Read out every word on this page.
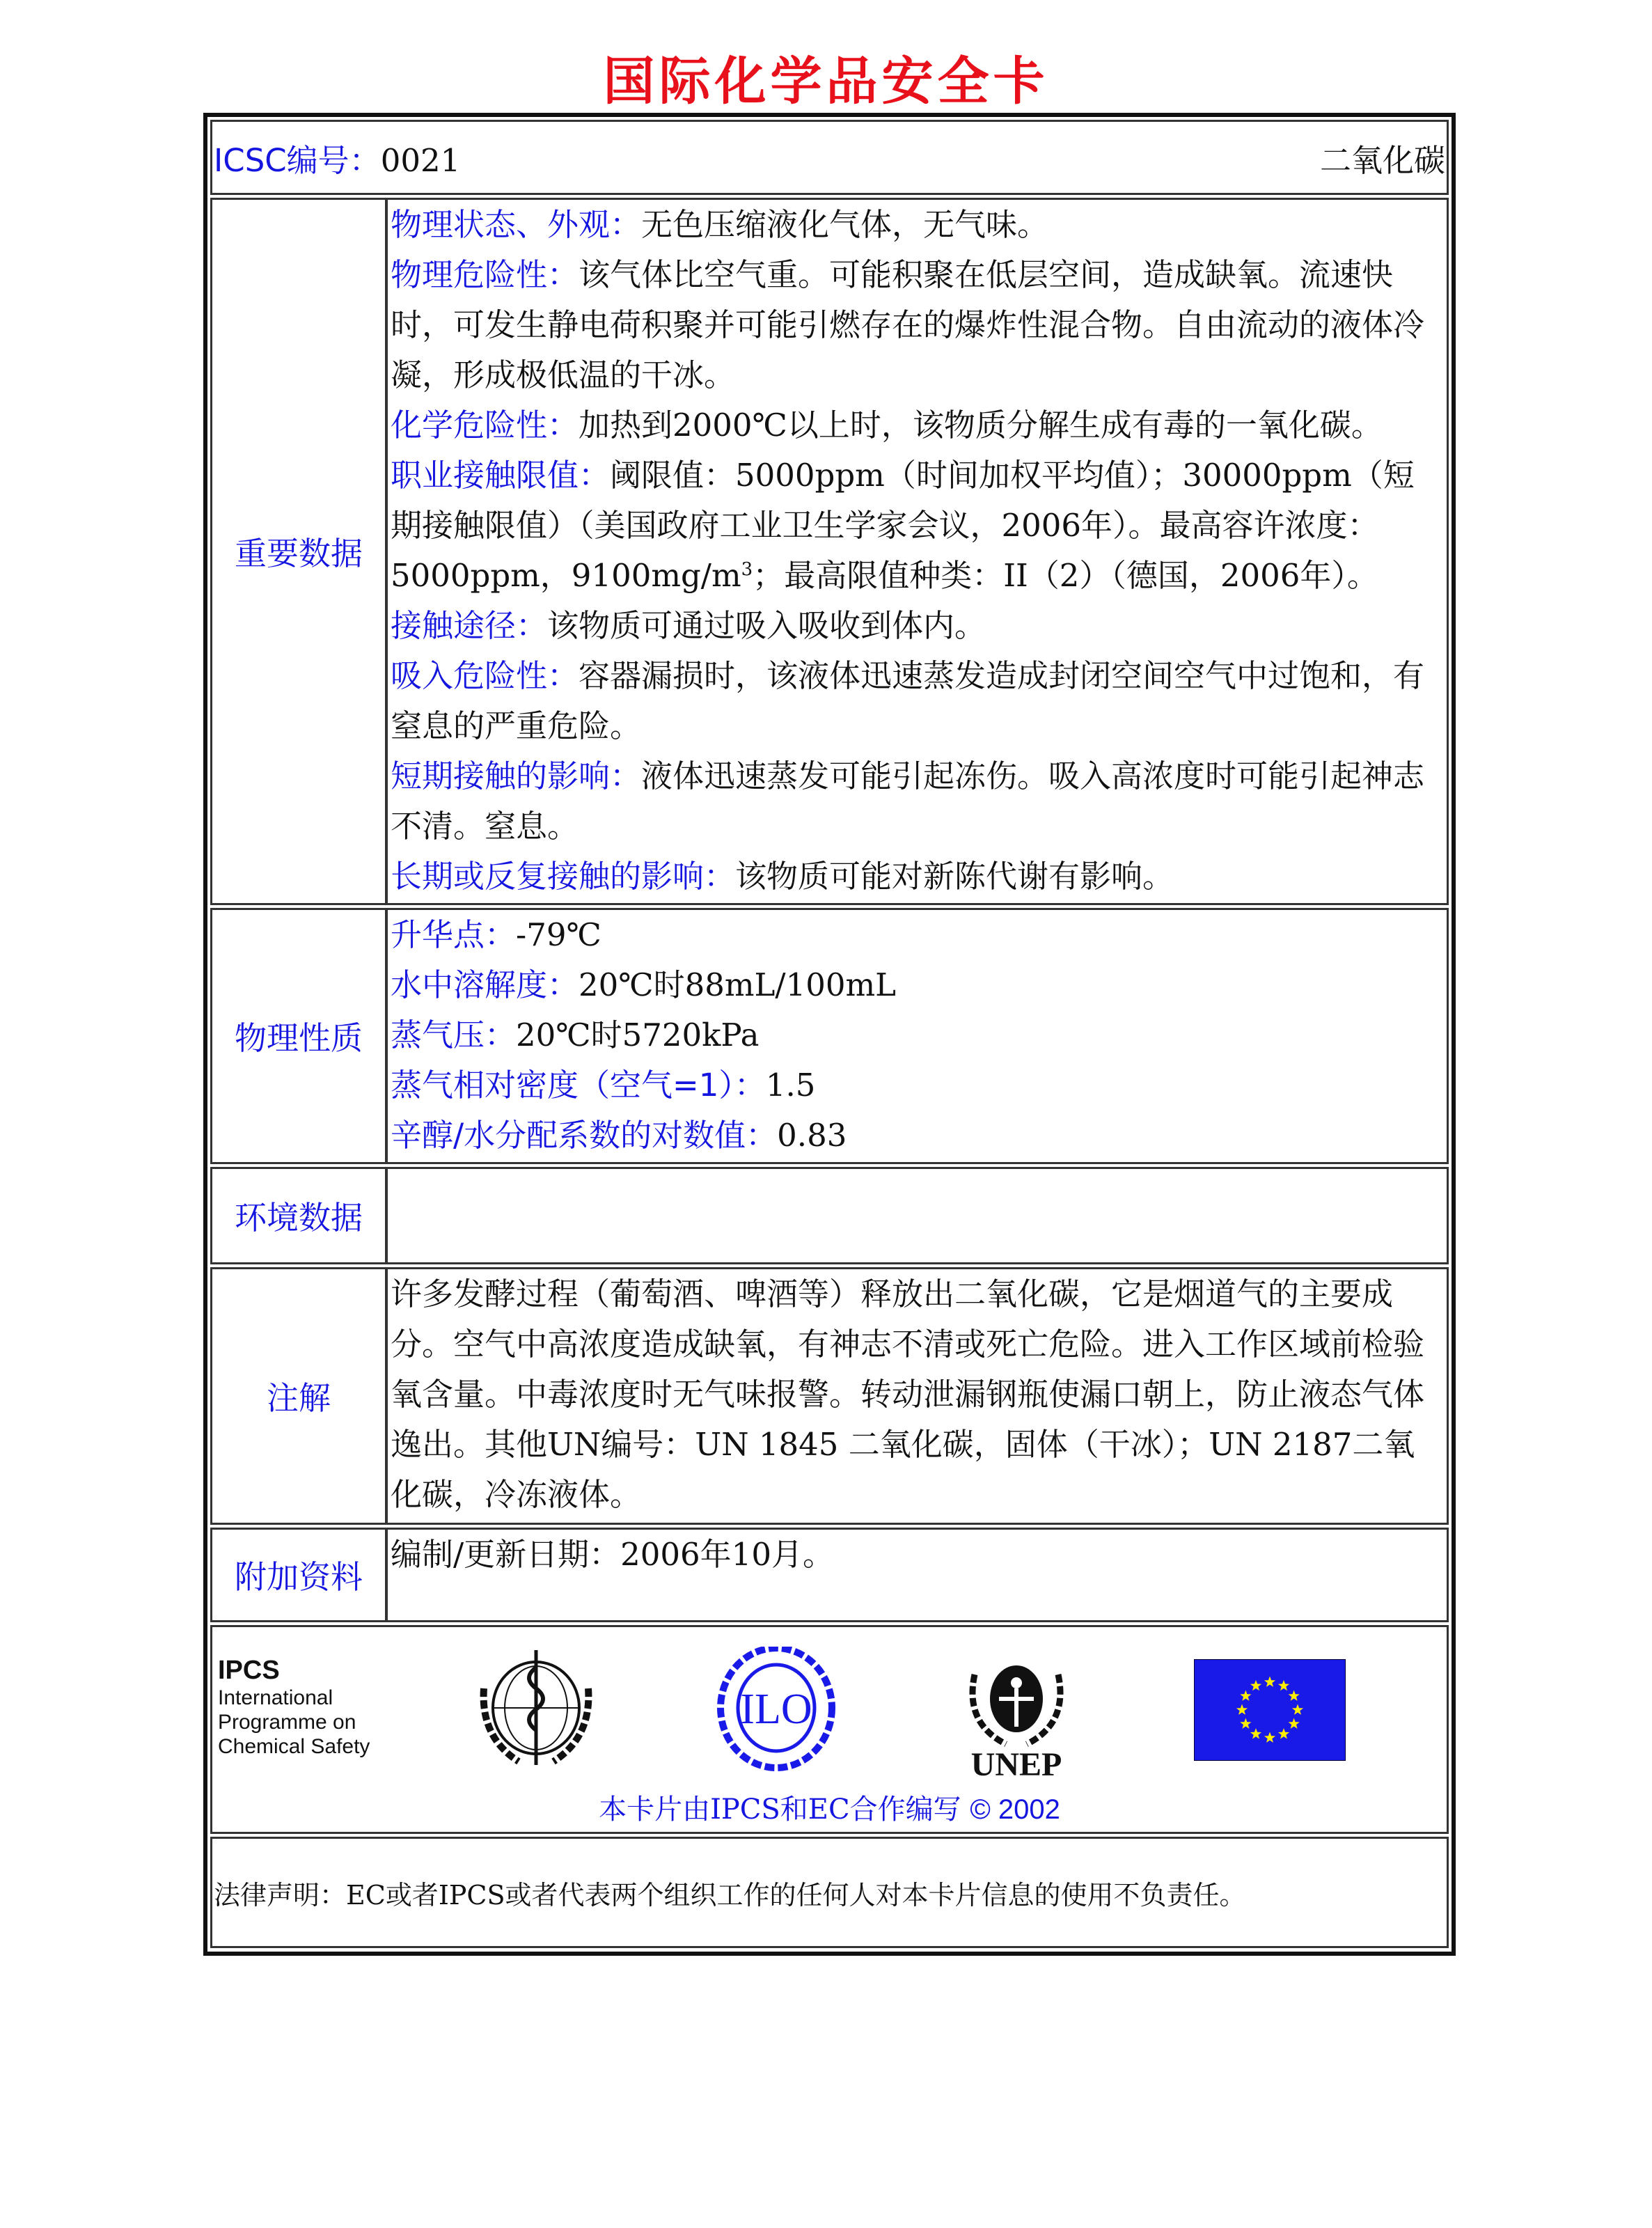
国际化学品安全卡
ICSC编号：0021	二氧化碳
重要数据
物理状态、外观：无色压缩液化气体，无气味。
物理危险性：该气体比空气重。可能积聚在低层空间，造成缺氧。流速快时，可发生静电荷积聚并可能引燃存在的爆炸性混合物。自由流动的液体冷凝，形成极低温的干冰。
化学危险性：加热到2000℃以上时，该物质分解生成有毒的一氧化碳。
职业接触限值：阈限值：5000ppm（时间加权平均值）；30000ppm（短期接触限值）（美国政府工业卫生学家会议，2006年）。最高容许浓度：5000ppm，$9100mg/m^3$；最高限值种类：II（2）（德国，2006年）。
接触途径：该物质可通过吸入吸收到体内。
吸入危险性：容器漏损时，该液体迅速蒸发造成封闭空间空气中过饱和，有窒息的严重危险。
短期接触的影响：液体迅速蒸发可能引起冻伤。吸入高浓度时可能引起神志不清。窒息。
长期或反复接触的影响：该物质可能对新陈代谢有影响。
物理性质
升华点：-79℃
水中溶解度：20℃时88mL/100mL
蒸气压：20℃时5720kPa
蒸气相对密度（空气=1）：1.5
辛醇/水分配系数的对数值：0.83
环境数据
注解
许多发酵过程（葡萄酒、啤酒等）释放出二氧化碳，它是烟道气的主要成分。空气中高浓度造成缺氧，有神志不清或死亡危险。进入工作区域前检验氧含量。中毒浓度时无气味报警。转动泄漏钢瓶使漏口朝上，防止液态气体逸出。其他UN编号：UN 1845 二氧化碳，固体（干冰）；UN 2187二氧化碳，冷冻液体。
附加资料
编制/更新日期：2006年10月。
IPCS
International
Programme on
Chemical Safety
ILO
UNEP
本卡片由IPCS和EC合作编写 © 2002
法律声明：EC或者IPCS或者代表两个组织工作的任何人对本卡片信息的使用不负责任。
